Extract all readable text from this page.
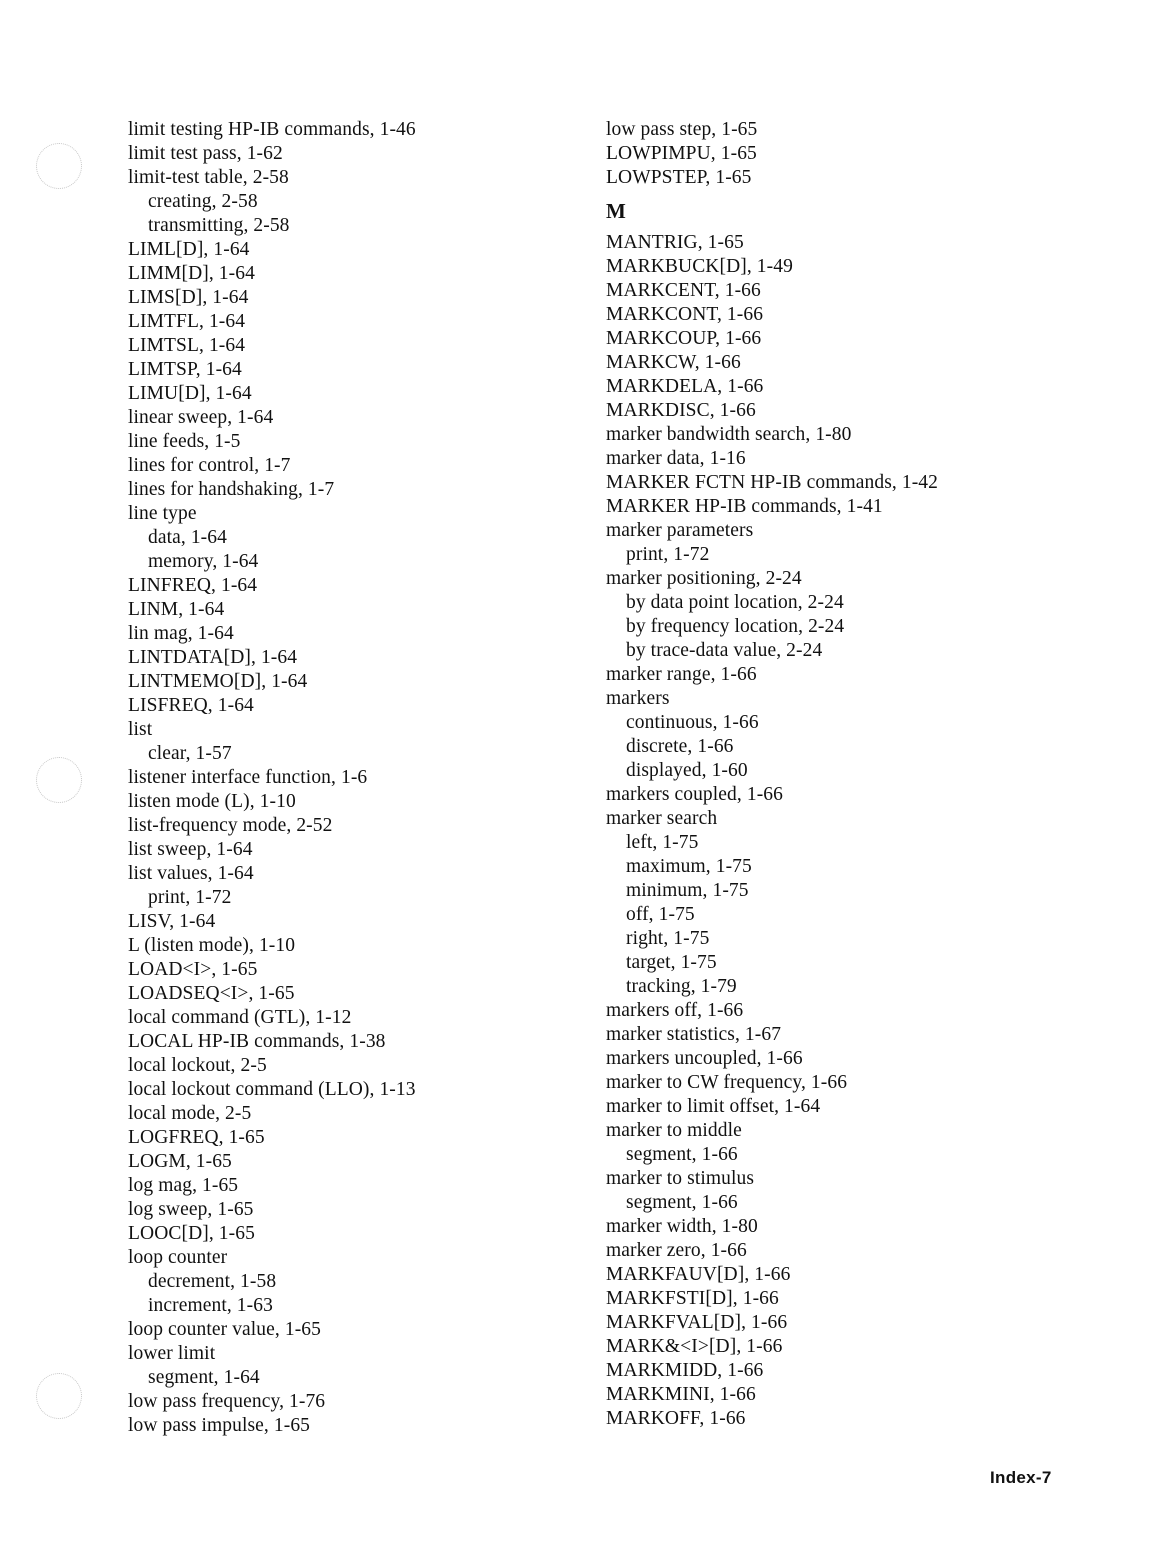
limit testing HP-IB commands, 1-46
limit test pass, 1-62
limit-test table, 2-58
creating, 2-58
transmitting, 2-58
LIML[D], 1-64
LIMM[D], 1-64
LIMS[D], 1-64
LIMTFL, 1-64
LIMTSL, 1-64
LIMTSP, 1-64
LIMU[D], 1-64
linear sweep, 1-64
line feeds, 1-5
lines for control, 1-7
lines for handshaking, 1-7
line type
data, 1-64
memory, 1-64
LINFREQ, 1-64
LINM, 1-64
lin mag, 1-64
LINTDATA[D], 1-64
LINTMEMO[D], 1-64
LISFREQ, 1-64
list
clear, 1-57
listener interface function, 1-6
listen mode (L), 1-10
list-frequency mode, 2-52
list sweep, 1-64
list values, 1-64
print, 1-72
LISV, 1-64
L (listen mode), 1-10
LOAD<I>, 1-65
LOADSEQ<I>, 1-65
local command (GTL), 1-12
LOCAL HP-IB commands, 1-38
local lockout, 2-5
local lockout command (LLO), 1-13
local mode, 2-5
LOGFREQ, 1-65
LOGM, 1-65
log mag, 1-65
log sweep, 1-65
LOOC[D], 1-65
loop counter
decrement, 1-58
increment, 1-63
loop counter value, 1-65
lower limit
segment, 1-64
low pass frequency, 1-76
low pass impulse, 1-65
low pass step, 1-65
LOWPIMPU, 1-65
LOWPSTEP, 1-65
M
MANTRIG, 1-65
MARKBUCK[D], 1-49
MARKCENT, 1-66
MARKCONT, 1-66
MARKCOUP, 1-66
MARKCW, 1-66
MARKDELA, 1-66
MARKDISC, 1-66
marker bandwidth search, 1-80
marker data, 1-16
MARKER FCTN HP-IB commands, 1-42
MARKER HP-IB commands, 1-41
marker parameters
print, 1-72
marker positioning, 2-24
by data point location, 2-24
by frequency location, 2-24
by trace-data value, 2-24
marker range, 1-66
markers
continuous, 1-66
discrete, 1-66
displayed, 1-60
markers coupled, 1-66
marker search
left, 1-75
maximum, 1-75
minimum, 1-75
off, 1-75
right, 1-75
target, 1-75
tracking, 1-79
markers off, 1-66
marker statistics, 1-67
markers uncoupled, 1-66
marker to CW frequency, 1-66
marker to limit offset, 1-64
marker to middle
segment, 1-66
marker to stimulus
segment, 1-66
marker width, 1-80
marker zero, 1-66
MARKFAUV[D], 1-66
MARKFSTI[D], 1-66
MARKFVAL[D], 1-66
MARK&<I>[D], 1-66
MARKMIDD, 1-66
MARKMINI, 1-66
MARKOFF, 1-66
Index-7
